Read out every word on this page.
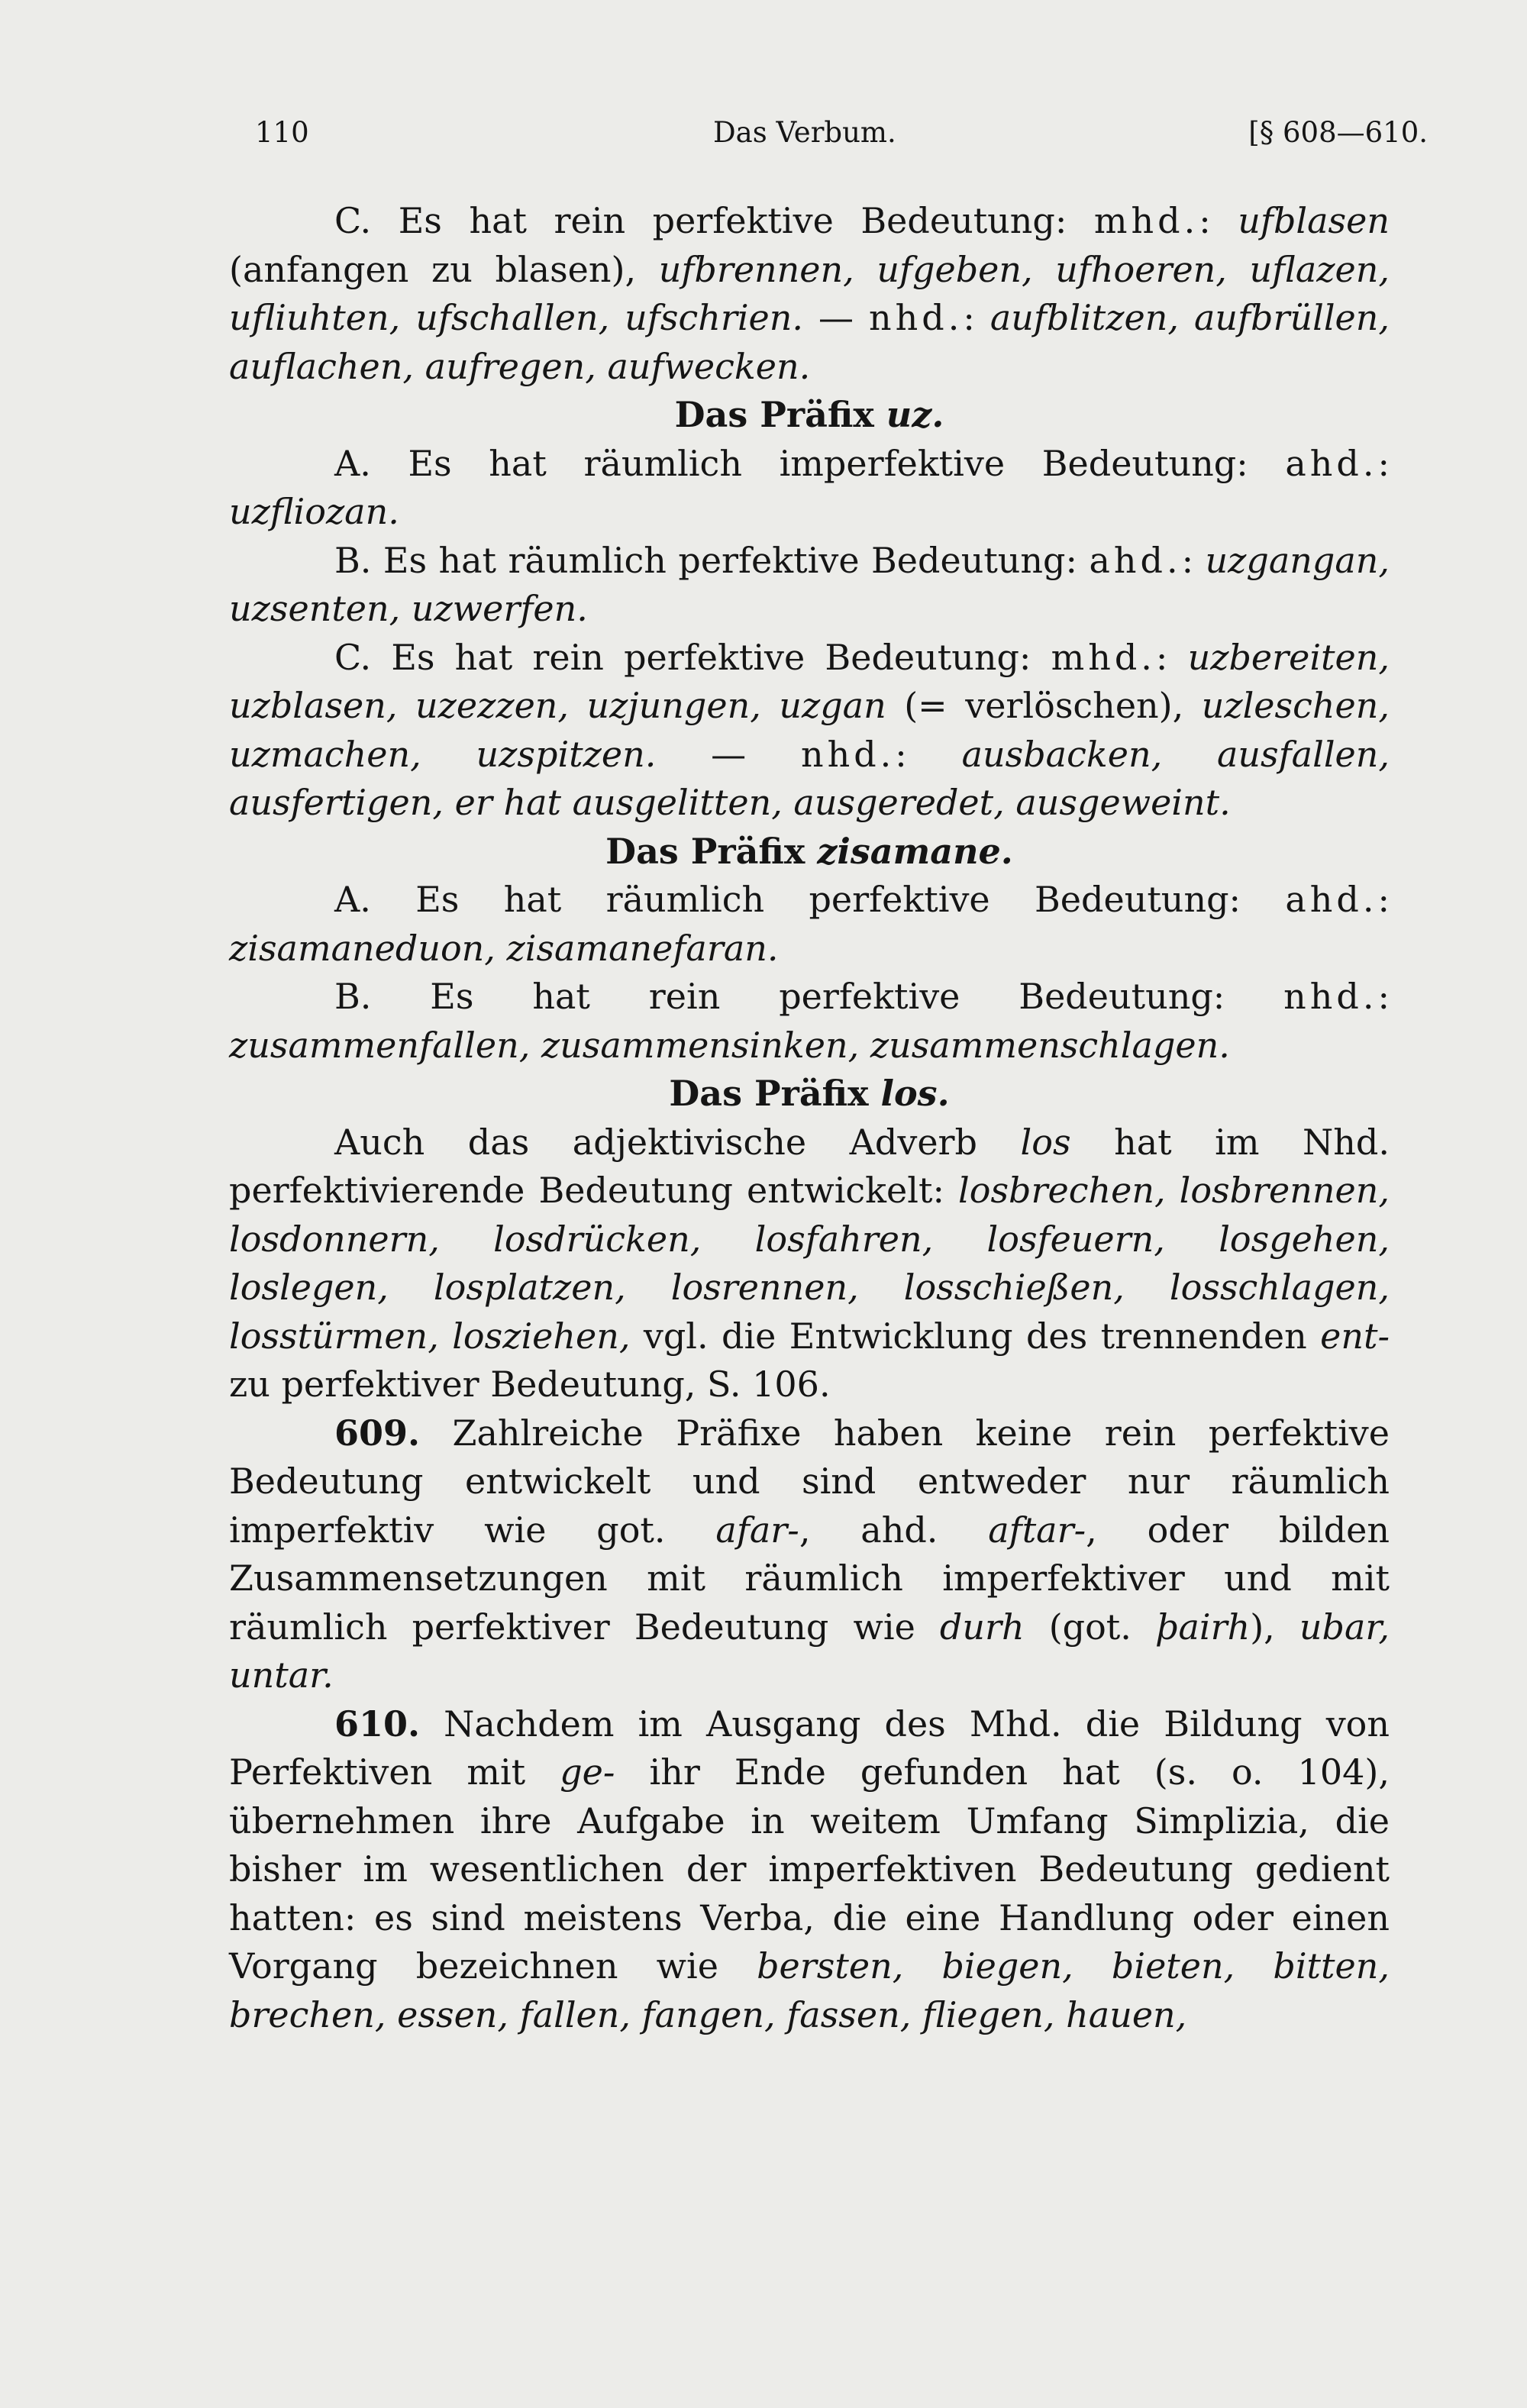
110	Das Verbum.	[§ 608—610.

C. Es hat rein perfektive Bedeutung: mhd.: ufblasen (anfangen zu blasen), ufbrennen, ufgeben, ufhoeren, uflazen, ufliuhten, ufschallen, ufschrien. — nhd.: aufblitzen, aufbrüllen, auflachen, aufregen, aufwecken.

Das Präfix uz.

A. Es hat räumlich imperfektive Bedeutung: ahd.: uzfliozan.

B. Es hat räumlich perfektive Bedeutung: ahd.: uzgangan, uzsenten, uzwerfen.

C. Es hat rein perfektive Bedeutung: mhd.: uzbereiten, uzblasen, uzezzen, uzjungen, uzgan (= verlöschen), uzleschen, uzmachen, uzspitzen. — nhd.: ausbacken, ausfallen, ausfertigen, er hat ausgelitten, ausgeredet, ausgeweint.

Das Präfix zisamane.

A. Es hat räumlich perfektive Bedeutung: ahd.: zisamaneduon, zisamanefaran.

B. Es hat rein perfektive Bedeutung: nhd.: zusammenfallen, zusammensinken, zusammenschlagen.

Das Präfix los.

Auch das adjektivische Adverb los hat im Nhd. perfektivierende Bedeutung entwickelt: losbrechen, losbrennen, losdonnern, losdrücken, losfahren, losfeuern, losgehen, loslegen, losplatzen, losrennen, losschießen, losschlagen, losstürmen, losziehen, vgl. die Entwicklung des trennenden ent- zu perfektiver Bedeutung, S. 106.

609. Zahlreiche Präfixe haben keine rein perfektive Bedeutung entwickelt und sind entweder nur räumlich imperfektiv wie got. afar-, ahd. aftar-, oder bilden Zusammensetzungen mit räumlich imperfektiver und mit räumlich perfektiver Bedeutung wie durh (got. þairh), ubar, untar.

610. Nachdem im Ausgang des Mhd. die Bildung von Perfektiven mit ge- ihr Ende gefunden hat (s. o. 104), übernehmen ihre Aufgabe in weitem Umfang Simplizia, die bisher im wesentlichen der imperfektiven Bedeutung gedient hatten: es sind meistens Verba, die eine Handlung oder einen Vorgang bezeichnen wie bersten, biegen, bieten, bitten, brechen, essen, fallen, fangen, fassen, fliegen, hauen,
